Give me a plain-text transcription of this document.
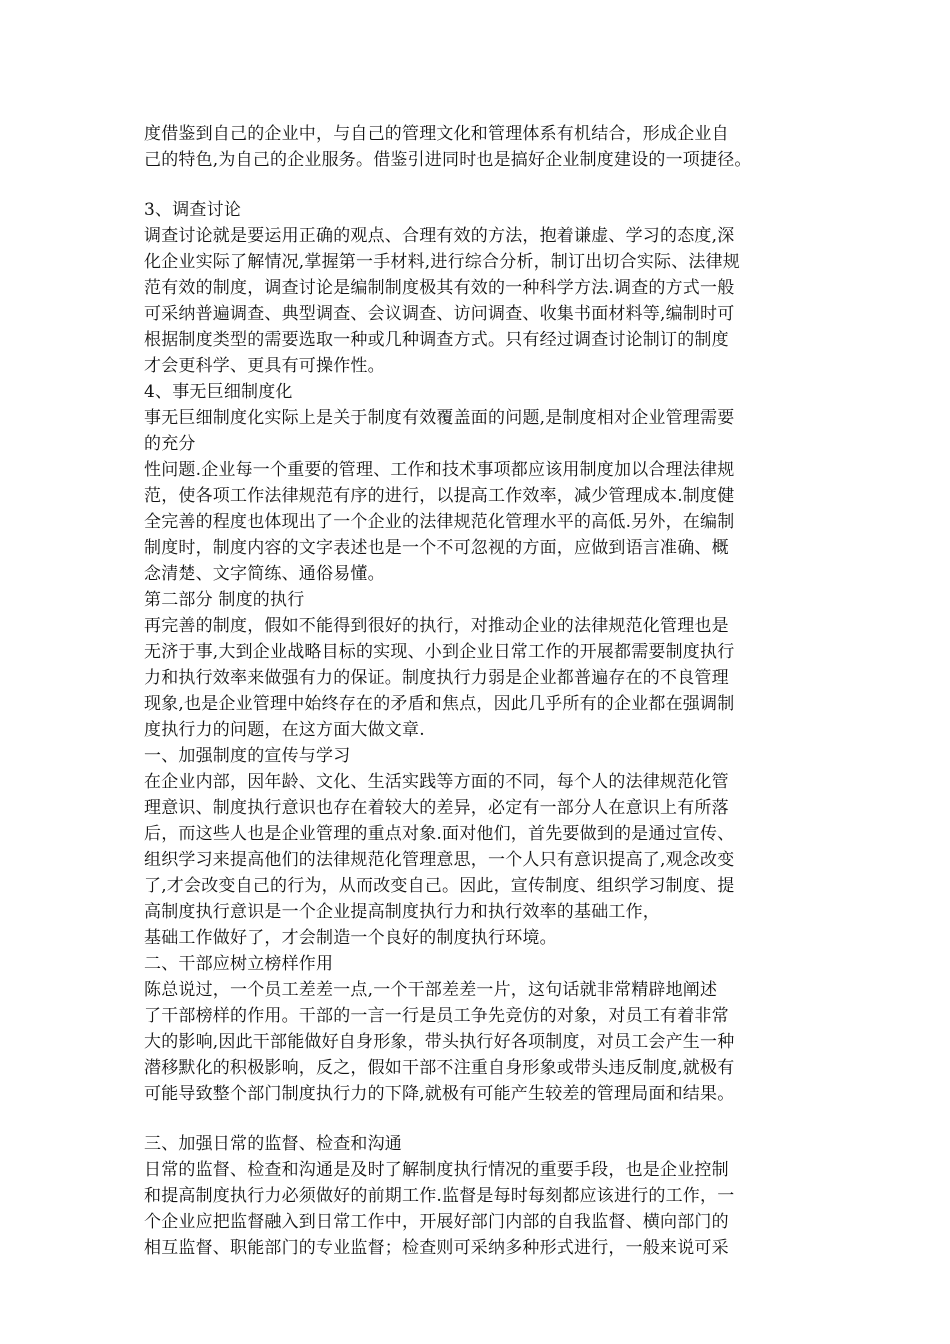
度借鉴到自己的企业中，与自己的管理文化和管理体系有机结合，形成企业自
己的特色,为自己的企业服务。借鉴引进同时也是搞好企业制度建设的一项捷径。
3、调查讨论
调查讨论就是要运用正确的观点、合理有效的方法，抱着谦虚、学习的态度,深
化企业实际了解情况,掌握第一手材料,进行综合分析，制订出切合实际、法律规
范有效的制度，调查讨论是编制制度极其有效的一种科学方法.调查的方式一般
可采纳普遍调查、典型调查、会议调查、访问调查、收集书面材料等,编制时可
根据制度类型的需要选取一种或几种调查方式。只有经过调查讨论制订的制度
才会更科学、更具有可操作性。
4、事无巨细制度化
事无巨细制度化实际上是关于制度有效覆盖面的问题,是制度相对企业管理需要
的充分
性问题.企业每一个重要的管理、工作和技术事项都应该用制度加以合理法律规
范，使各项工作法律规范有序的进行，以提高工作效率，减少管理成本.制度健
全完善的程度也体现出了一个企业的法律规范化管理水平的高低.另外，在编制
制度时，制度内容的文字表述也是一个不可忽视的方面，应做到语言准确、概
念清楚、文字简练、通俗易懂。
第二部分 制度的执行
再完善的制度，假如不能得到很好的执行，对推动企业的法律规范化管理也是
无济于事,大到企业战略目标的实现、小到企业日常工作的开展都需要制度执行
力和执行效率来做强有力的保证。制度执行力弱是企业都普遍存在的不良管理
现象,也是企业管理中始终存在的矛盾和焦点，因此几乎所有的企业都在强调制
度执行力的问题，在这方面大做文章.
一、加强制度的宣传与学习
在企业内部，因年龄、文化、生活实践等方面的不同，每个人的法律规范化管
理意识、制度执行意识也存在着较大的差异，必定有一部分人在意识上有所落
后，而这些人也是企业管理的重点对象.面对他们，首先要做到的是通过宣传、
组织学习来提高他们的法律规范化管理意思，一个人只有意识提高了,观念改变
了,才会改变自己的行为，从而改变自己。因此，宣传制度、组织学习制度、提
高制度执行意识是一个企业提高制度执行力和执行效率的基础工作，
基础工作做好了，才会制造一个良好的制度执行环境。
二、干部应树立榜样作用
陈总说过，一个员工差差一点,一个干部差差一片，这句话就非常精辟地阐述
了干部榜样的作用。干部的一言一行是员工争先竞仿的对象，对员工有着非常
大的影响,因此干部能做好自身形象，带头执行好各项制度，对员工会产生一种
潜移默化的积极影响，反之，假如干部不注重自身形象或带头违反制度,就极有
可能导致整个部门制度执行力的下降,就极有可能产生较差的管理局面和结果。
三、加强日常的监督、检查和沟通
日常的监督、检查和沟通是及时了解制度执行情况的重要手段，也是企业控制
和提高制度执行力必须做好的前期工作.监督是每时每刻都应该进行的工作，一
个企业应把监督融入到日常工作中，开展好部门内部的自我监督、横向部门的
相互监督、职能部门的专业监督；检查则可采纳多种形式进行，一般来说可采
